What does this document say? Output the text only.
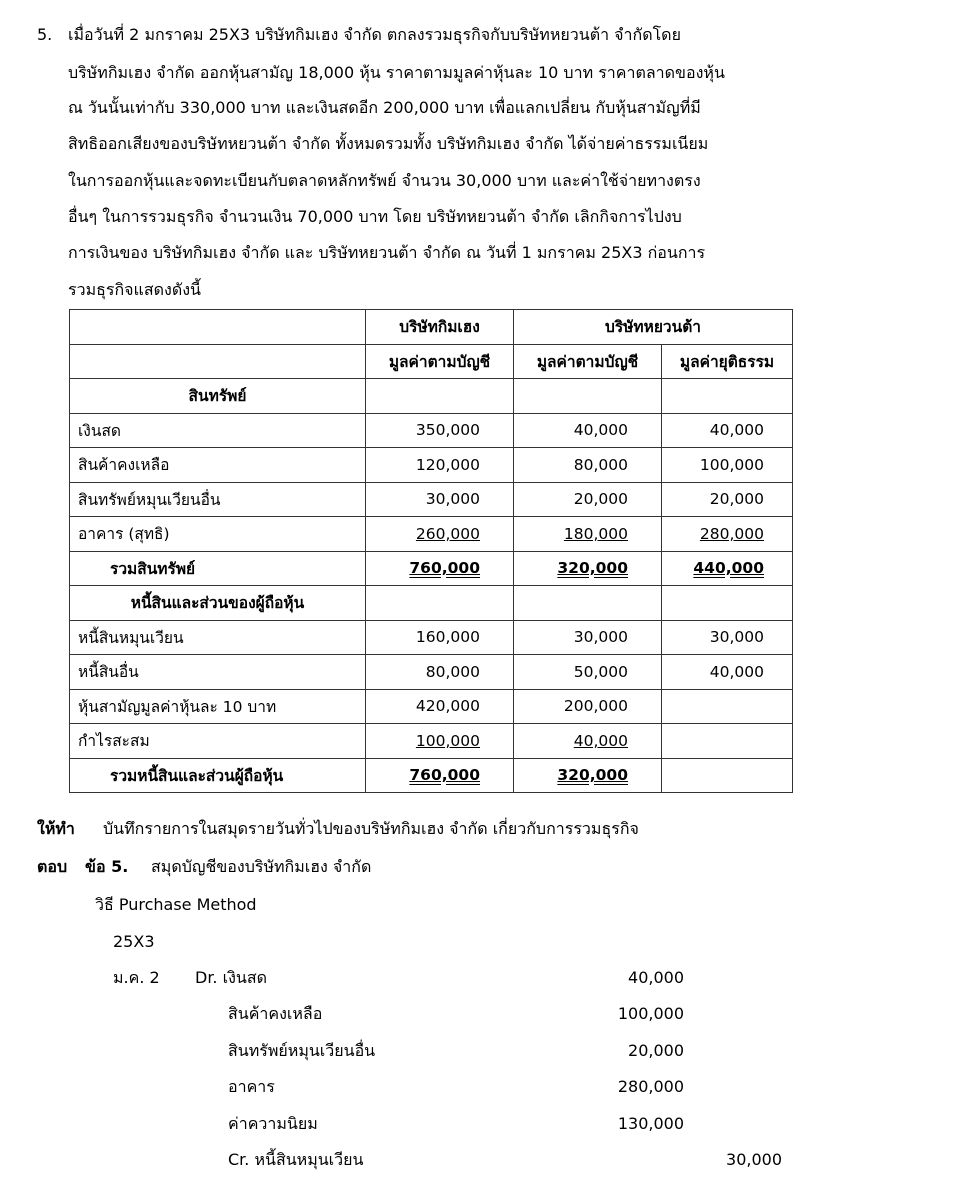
5. เมื่อวันที่ 2 มกราคม 25X3 บริษัทกิมเฮง จำกัด ตกลงรวมธุรกิจกับบริษัทหยวนต้า จำกัดโดย
บริษัทกิมเฮง จำกัด ออกหุ้นสามัญ 18,000 หุ้น ราคาตามมูลค่าหุ้นละ 10 บาท ราคาตลาดของหุ้น
ณ วันนั้นเท่ากับ 330,000 บาท และเงินสดอีก 200,000 บาท เพื่อแลกเปลี่ยน กับหุ้นสามัญที่มี
สิทธิออกเสียงของบริษัทหยวนต้า จำกัด ทั้งหมดรวมทั้ง บริษัทกิมเฮง จำกัด ได้จ่ายค่าธรรมเนียม
ในการออกหุ้นและจดทะเบียนกับตลาดหลักทรัพย์ จำนวน 30,000 บาท และค่าใช้จ่ายทางตรง
อื่นๆ ในการรวมธุรกิจ จำนวนเงิน 70,000 บาท โดย บริษัทหยวนต้า จำกัด เลิกกิจการไปงบ
การเงินของ บริษัทกิมเฮง จำกัด และ บริษัทหยวนต้า จำกัด ณ วันที่ 1 มกราคม 25X3 ก่อนการ
รวมธุรกิจแสดงดังนี้
	บริษัทกิมเฮง	บริษัทหยวนต้า	
	มูลค่าตามบัญชี	มูลค่าตามบัญชี	มูลค่ายุติธรรม
สินทรัพย์			
เงินสด	350,000	40,000	40,000
สินค้าคงเหลือ	120,000	80,000	100,000
สินทรัพย์หมุนเวียนอื่น	30,000	20,000	20,000
อาคาร (สุทธิ)	260,000	180,000	280,000
รวมสินทรัพย์	760,000	320,000	440,000
หนี้สินและส่วนของผู้ถือหุ้น			
หนี้สินหมุนเวียน	160,000	30,000	30,000
หนี้สินอื่น	80,000	50,000	40,000
หุ้นสามัญมูลค่าหุ้นละ 10 บาท	420,000	200,000	
กำไรสะสม	100,000	40,000	
รวมหนี้สินและส่วนผู้ถือหุ้น	760,000	320,000	
ให้ทำ บันทึกรายการในสมุดรายวันทั่วไปของบริษัทกิมเฮง จำกัด เกี่ยวกับการรวมธุรกิจ
ตอบ ข้อ 5. สมุดบัญชีของบริษัทกิมเฮง จำกัด
วิธี Purchase Method
25X3
ม.ค. 2 Dr. เงินสด	40,000
สินค้าคงเหลือ	100,000
สินทรัพย์หมุนเวียนอื่น	20,000
อาคาร	280,000
ค่าความนิยม	130,000
Cr. หนี้สินหมุนเวียน	30,000
